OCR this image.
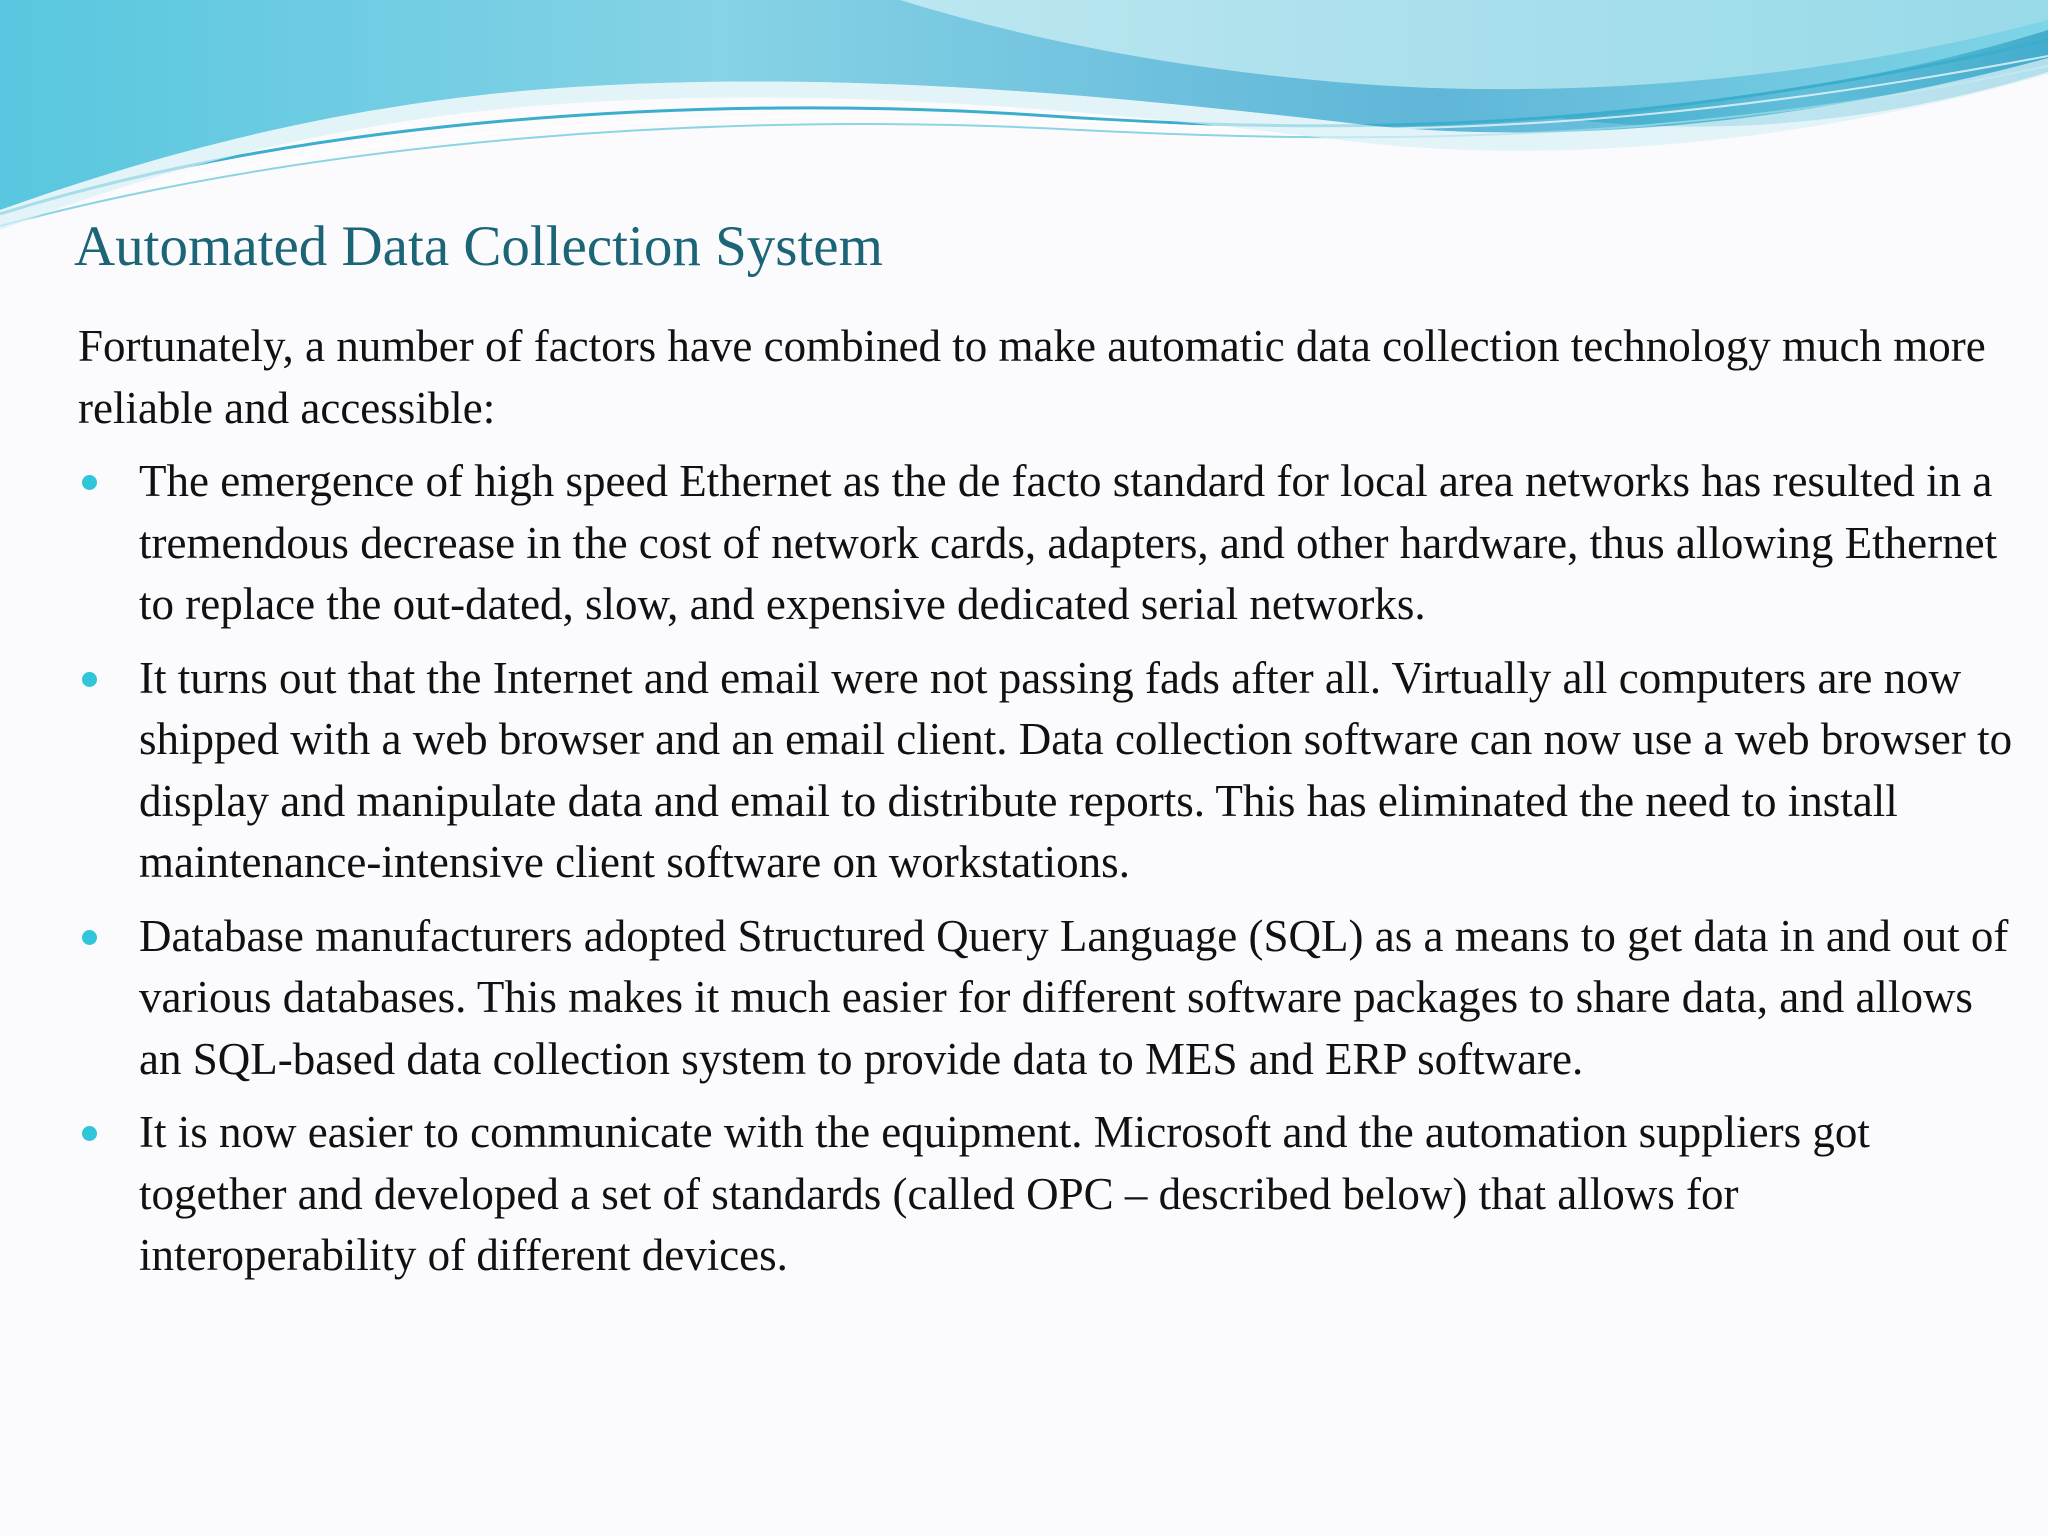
Automated Data Collection System

Fortunately, a number of factors have combined to make automatic data collection technology much more reliable and accessible:

The emergence of high speed Ethernet as the de facto standard for local area networks has resulted in a tremendous decrease in the cost of network cards, adapters, and other hardware, thus allowing Ethernet to replace the out-dated, slow, and expensive dedicated serial networks.
It turns out that the Internet and email were not passing fads after all. Virtually all computers are now shipped with a web browser and an email client. Data collection software can now use a web browser to display and manipulate data and email to distribute reports. This has eliminated the need to install maintenance-intensive client software on workstations.
Database manufacturers adopted Structured Query Language (SQL) as a means to get data in and out of various databases. This makes it much easier for different software packages to share data, and allows an SQL-based data collection system to provide data to MES and ERP software.
It is now easier to communicate with the equipment. Microsoft and the automation suppliers got together and developed a set of standards (called OPC – described below) that allows for interoperability of different devices.
